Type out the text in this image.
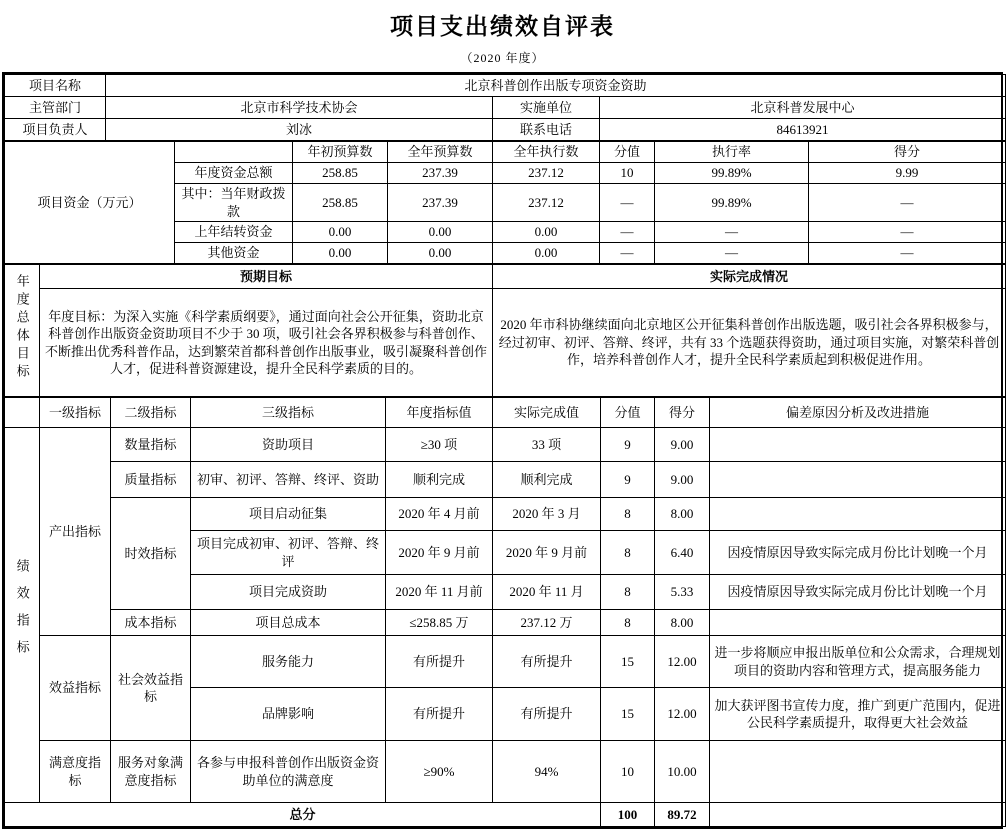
项目支出绩效自评表
（2020 年度）
项目名称	北京科普创作出版专项资金资助		
主管部门	北京市科学技术协会	实施单位	北京科普发展中心
项目负责人	刘冰	联系电话	84613921
项目资金（万元）		年初预算数	全年预算数	全年执行数	分值	执行率	得分
	年度资金总额	258.85	237.39	237.12	10	99.89%	9.99
	其中：当年财政拨款	258.85	237.39	237.12	—	99.89%	—
	上年结转资金	0.00	0.00	0.00	—	—	—
	其他资金	0.00	0.00	0.00	—	—	—
年度总体目标	预期目标	实际完成情况
	年度目标：为深入实施《科学素质纲要》，通过面向社会公开征集，资助北京科普创作出版资金资助项目不少于 30 项，吸引社会各界积极参与科普创作、不断推出优秀科普作品，达到繁荣首都科普创作出版事业，吸引凝聚科普创作人才，促进科普资源建设，提升全民科学素质的目的。	2020 年市科协继续面向北京地区公开征集科普创作出版选题，吸引社会各界积极参与，经过初审、初评、答辩、终评，共有 33 个选题获得资助，通过项目实施，对繁荣科普创作，培养科普创作人才，提升全民科学素质起到积极促进作用。
	一级指标	二级指标	三级指标	年度指标值	实际完成值	分值	得分	偏差原因分析及改进措施
绩效指标	产出指标	数量指标	资助项目	≥30 项	33 项	9	9.00	
		质量指标	初审、初评、答辩、终评、资助	顺利完成	顺利完成	9	9.00	
		时效指标	项目启动征集	2020 年 4 月前	2020 年 3 月	8	8.00	
			项目完成初审、初评、答辩、终评	2020 年 9 月前	2020 年 9 月前	8	6.40	因疫情原因导致实际完成月份比计划晚一个月
			项目完成资助	2020 年 11 月前	2020 年 11 月	8	5.33	因疫情原因导致实际完成月份比计划晚一个月
		成本指标	项目总成本	≤258.85 万	237.12 万	8	8.00	
	效益指标	社会效益指标	服务能力	有所提升	有所提升	15	12.00	进一步将顺应申报出版单位和公众需求，合理规划项目的资助内容和管理方式，提高服务能力
			品牌影响	有所提升	有所提升	15	12.00	加大获评图书宣传力度，推广到更广范围内，促进公民科学素质提升，取得更大社会效益
	满意度指标	服务对象满意度指标	各参与申报科普创作出版资金资助单位的满意度	≥90%	94%	10	10.00	
总分						100	89.72	
